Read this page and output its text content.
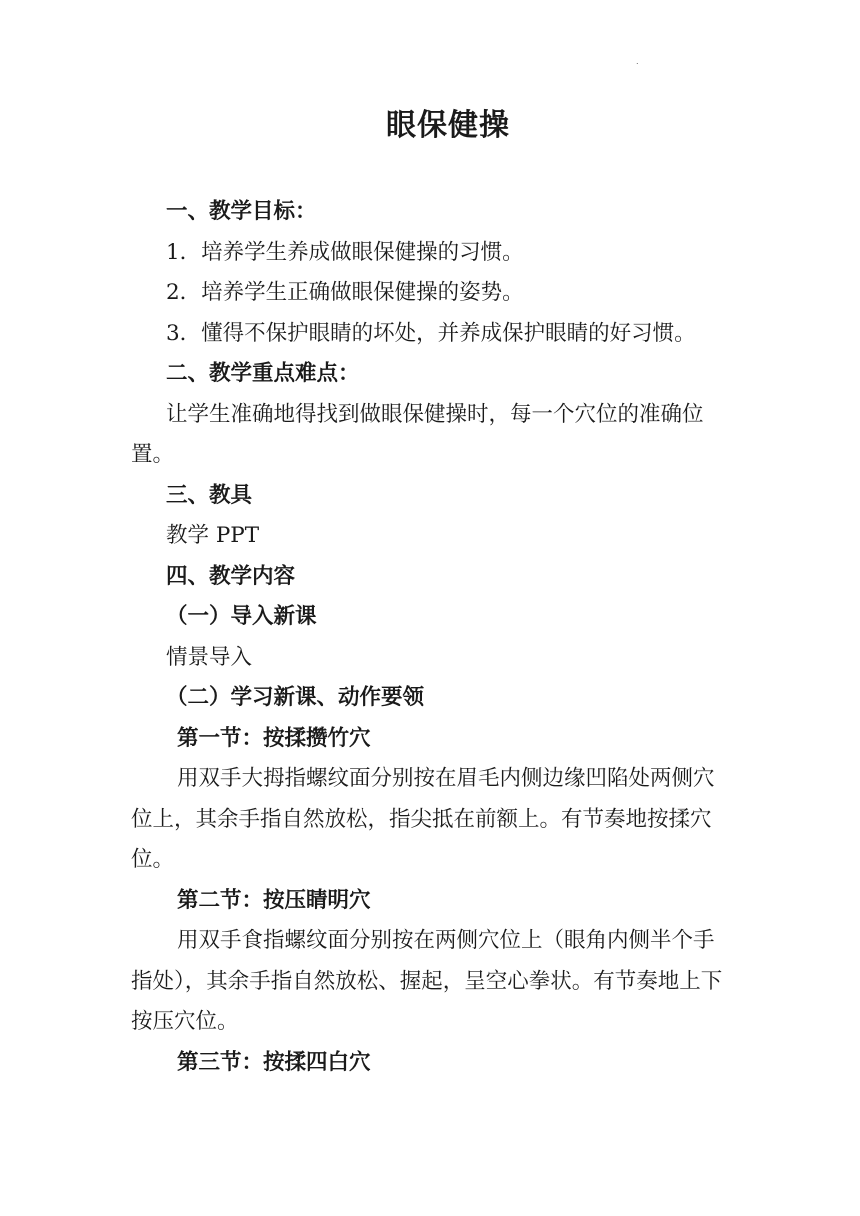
.
眼保健操

一、教学目标：

1．培养学生养成做眼保健操的习惯。

2．培养学生正确做眼保健操的姿势。

3．懂得不保护眼睛的坏处，并养成保护眼睛的好习惯。

二、教学重点难点：

让学生准确地得找到做眼保健操时，每一个穴位的准确位置。

三、教具

教学 PPT

四、教学内容

（一）导入新课

情景导入

（二）学习新课、动作要领

第一节：按揉攒竹穴

用双手大拇指螺纹面分别按在眉毛内侧边缘凹陷处两侧穴位上，其余手指自然放松，指尖抵在前额上。有节奏地按揉穴位。

第二节：按压睛明穴

用双手食指螺纹面分别按在两侧穴位上（眼角内侧半个手指处），其余手指自然放松、握起，呈空心拳状。有节奏地上下按压穴位。

第三节：按揉四白穴
